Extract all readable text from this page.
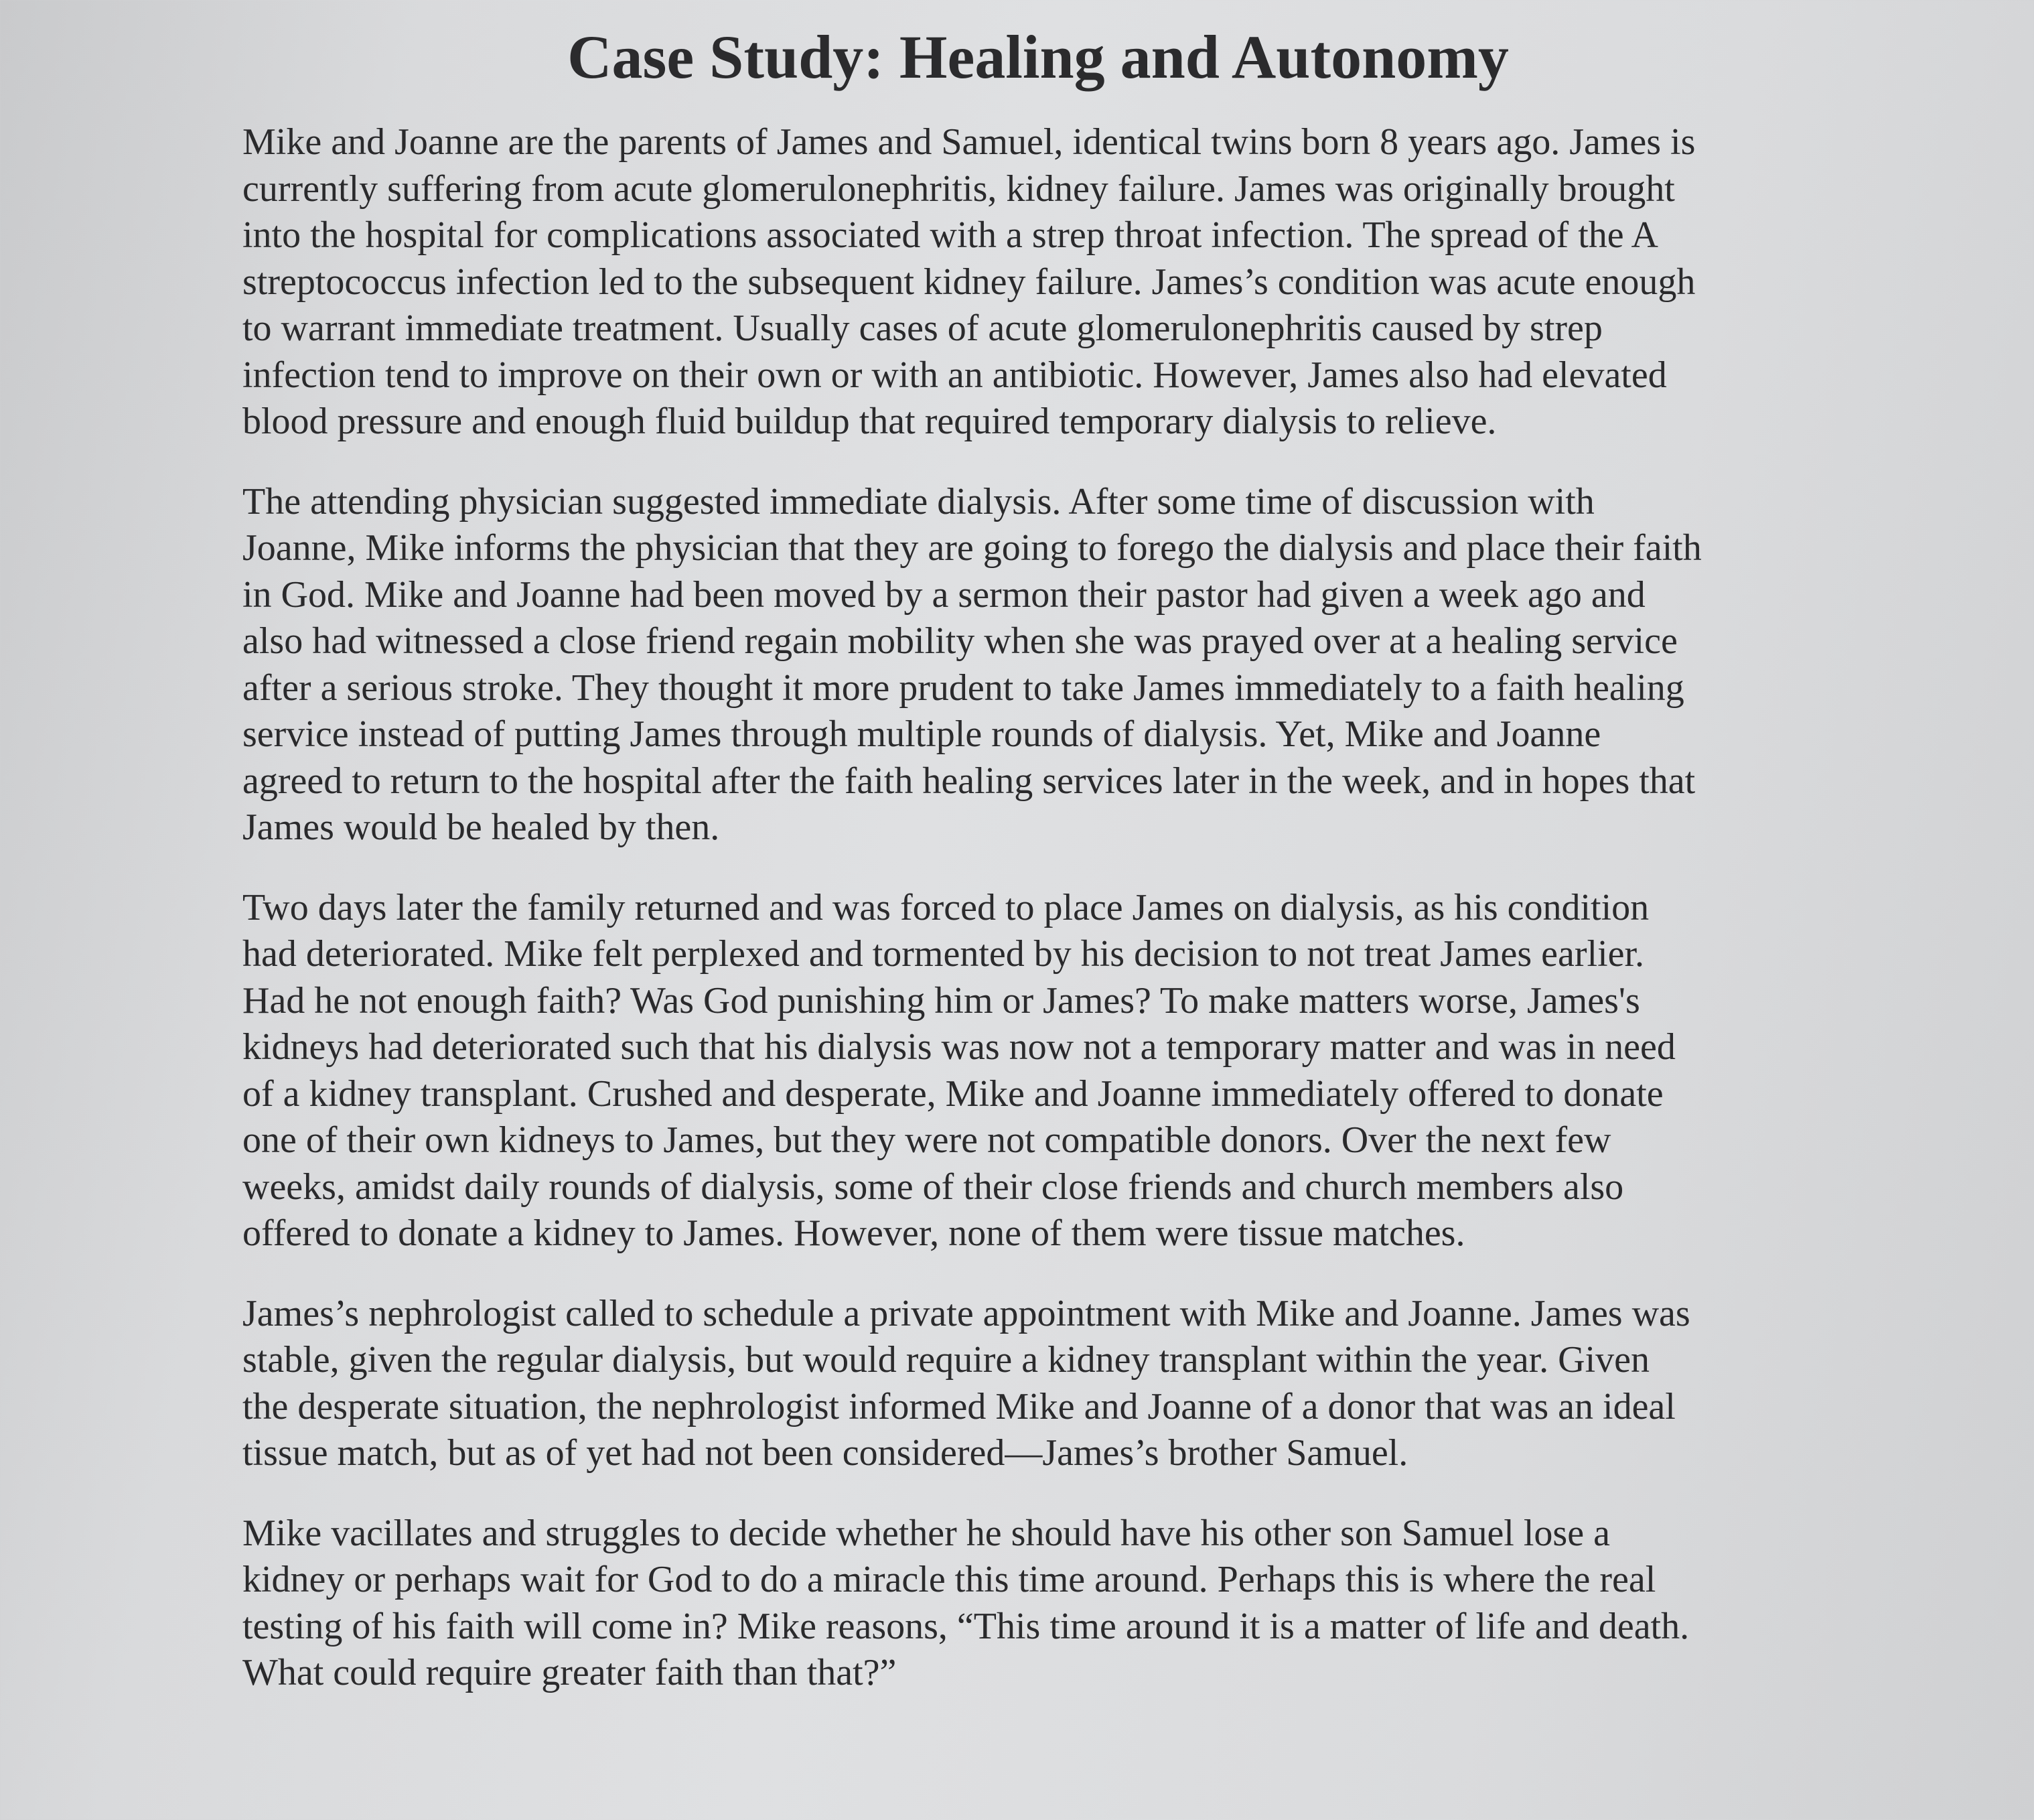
Case Study: Healing and Autonomy

Mike and Joanne are the parents of James and Samuel, identical twins born 8 years ago. James is
currently suffering from acute glomerulonephritis, kidney failure. James was originally brought
into the hospital for complications associated with a strep throat infection. The spread of the A
streptococcus infection led to the subsequent kidney failure. James’s condition was acute enough
to warrant immediate treatment. Usually cases of acute glomerulonephritis caused by strep
infection tend to improve on their own or with an antibiotic. However, James also had elevated
blood pressure and enough fluid buildup that required temporary dialysis to relieve.

The attending physician suggested immediate dialysis. After some time of discussion with
Joanne, Mike informs the physician that they are going to forego the dialysis and place their faith
in God. Mike and Joanne had been moved by a sermon their pastor had given a week ago and
also had witnessed a close friend regain mobility when she was prayed over at a healing service
after a serious stroke. They thought it more prudent to take James immediately to a faith healing
service instead of putting James through multiple rounds of dialysis. Yet, Mike and Joanne
agreed to return to the hospital after the faith healing services later in the week, and in hopes that
James would be healed by then.

Two days later the family returned and was forced to place James on dialysis, as his condition
had deteriorated. Mike felt perplexed and tormented by his decision to not treat James earlier.
Had he not enough faith? Was God punishing him or James? To make matters worse, James's
kidneys had deteriorated such that his dialysis was now not a temporary matter and was in need
of a kidney transplant. Crushed and desperate, Mike and Joanne immediately offered to donate
one of their own kidneys to James, but they were not compatible donors. Over the next few
weeks, amidst daily rounds of dialysis, some of their close friends and church members also
offered to donate a kidney to James. However, none of them were tissue matches.

James’s nephrologist called to schedule a private appointment with Mike and Joanne. James was
stable, given the regular dialysis, but would require a kidney transplant within the year. Given
the desperate situation, the nephrologist informed Mike and Joanne of a donor that was an ideal
tissue match, but as of yet had not been considered—James’s brother Samuel.

Mike vacillates and struggles to decide whether he should have his other son Samuel lose a
kidney or perhaps wait for God to do a miracle this time around. Perhaps this is where the real
testing of his faith will come in? Mike reasons, “This time around it is a matter of life and death.
What could require greater faith than that?”
